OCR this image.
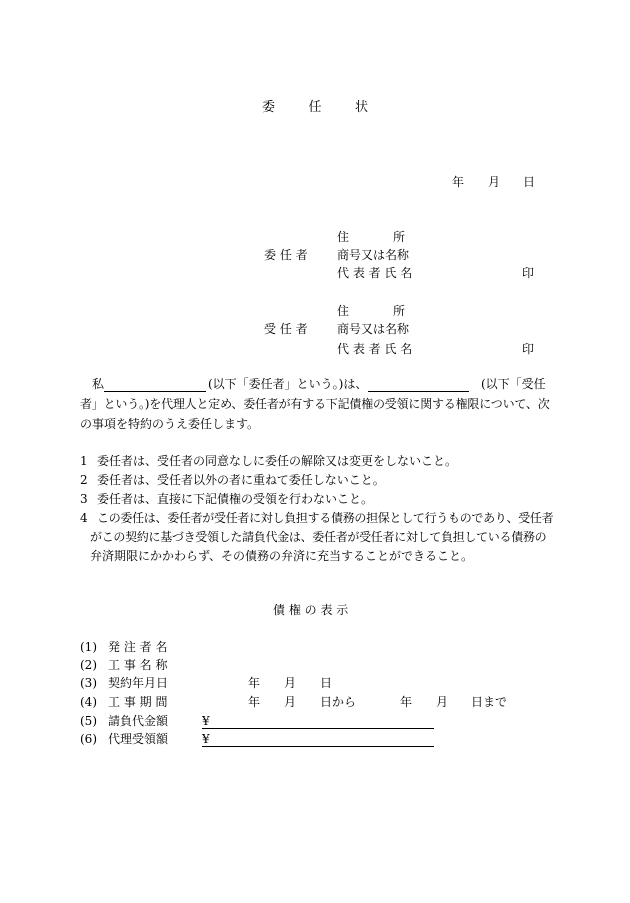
委	任	状
年 月 日
住	所
委 任 者 商号又は名称
代 表 者 氏 名	印
住	所
受 任 者 商号又は名称
代 表 者 氏 名	印
私	(以下「委任者」という。)は、	(以下「受任
者」という。)を代理人と定め、委任者が有する下記債権の受領に関する権限について、次
の事項を特約のうえ委任します。
1 委任者は、受任者の同意なしに委任の解除又は変更をしないこと。
2 委任者は、受任者以外の者に重ねて委任しないこと。
3 委任者は、直接に下記債権の受領を行わないこと。
4 この委任は、委任者が受任者に対し負担する債務の担保として行うものであり、受任者
がこの契約に基づき受領した請負代金は、委任者が受任者に対して負担している債務の
弁済期限にかかわらず、その債務の弁済に充当することができること。
債 権 の 表 示
(1) 発 注 者 名
(2) 工 事 名 称
(3) 契約年月日	年 月 日
(4) 工 事 期 間	年 月 日から	年 月 日まで
(5) 請負代金額	¥
(6) 代理受領額	¥
